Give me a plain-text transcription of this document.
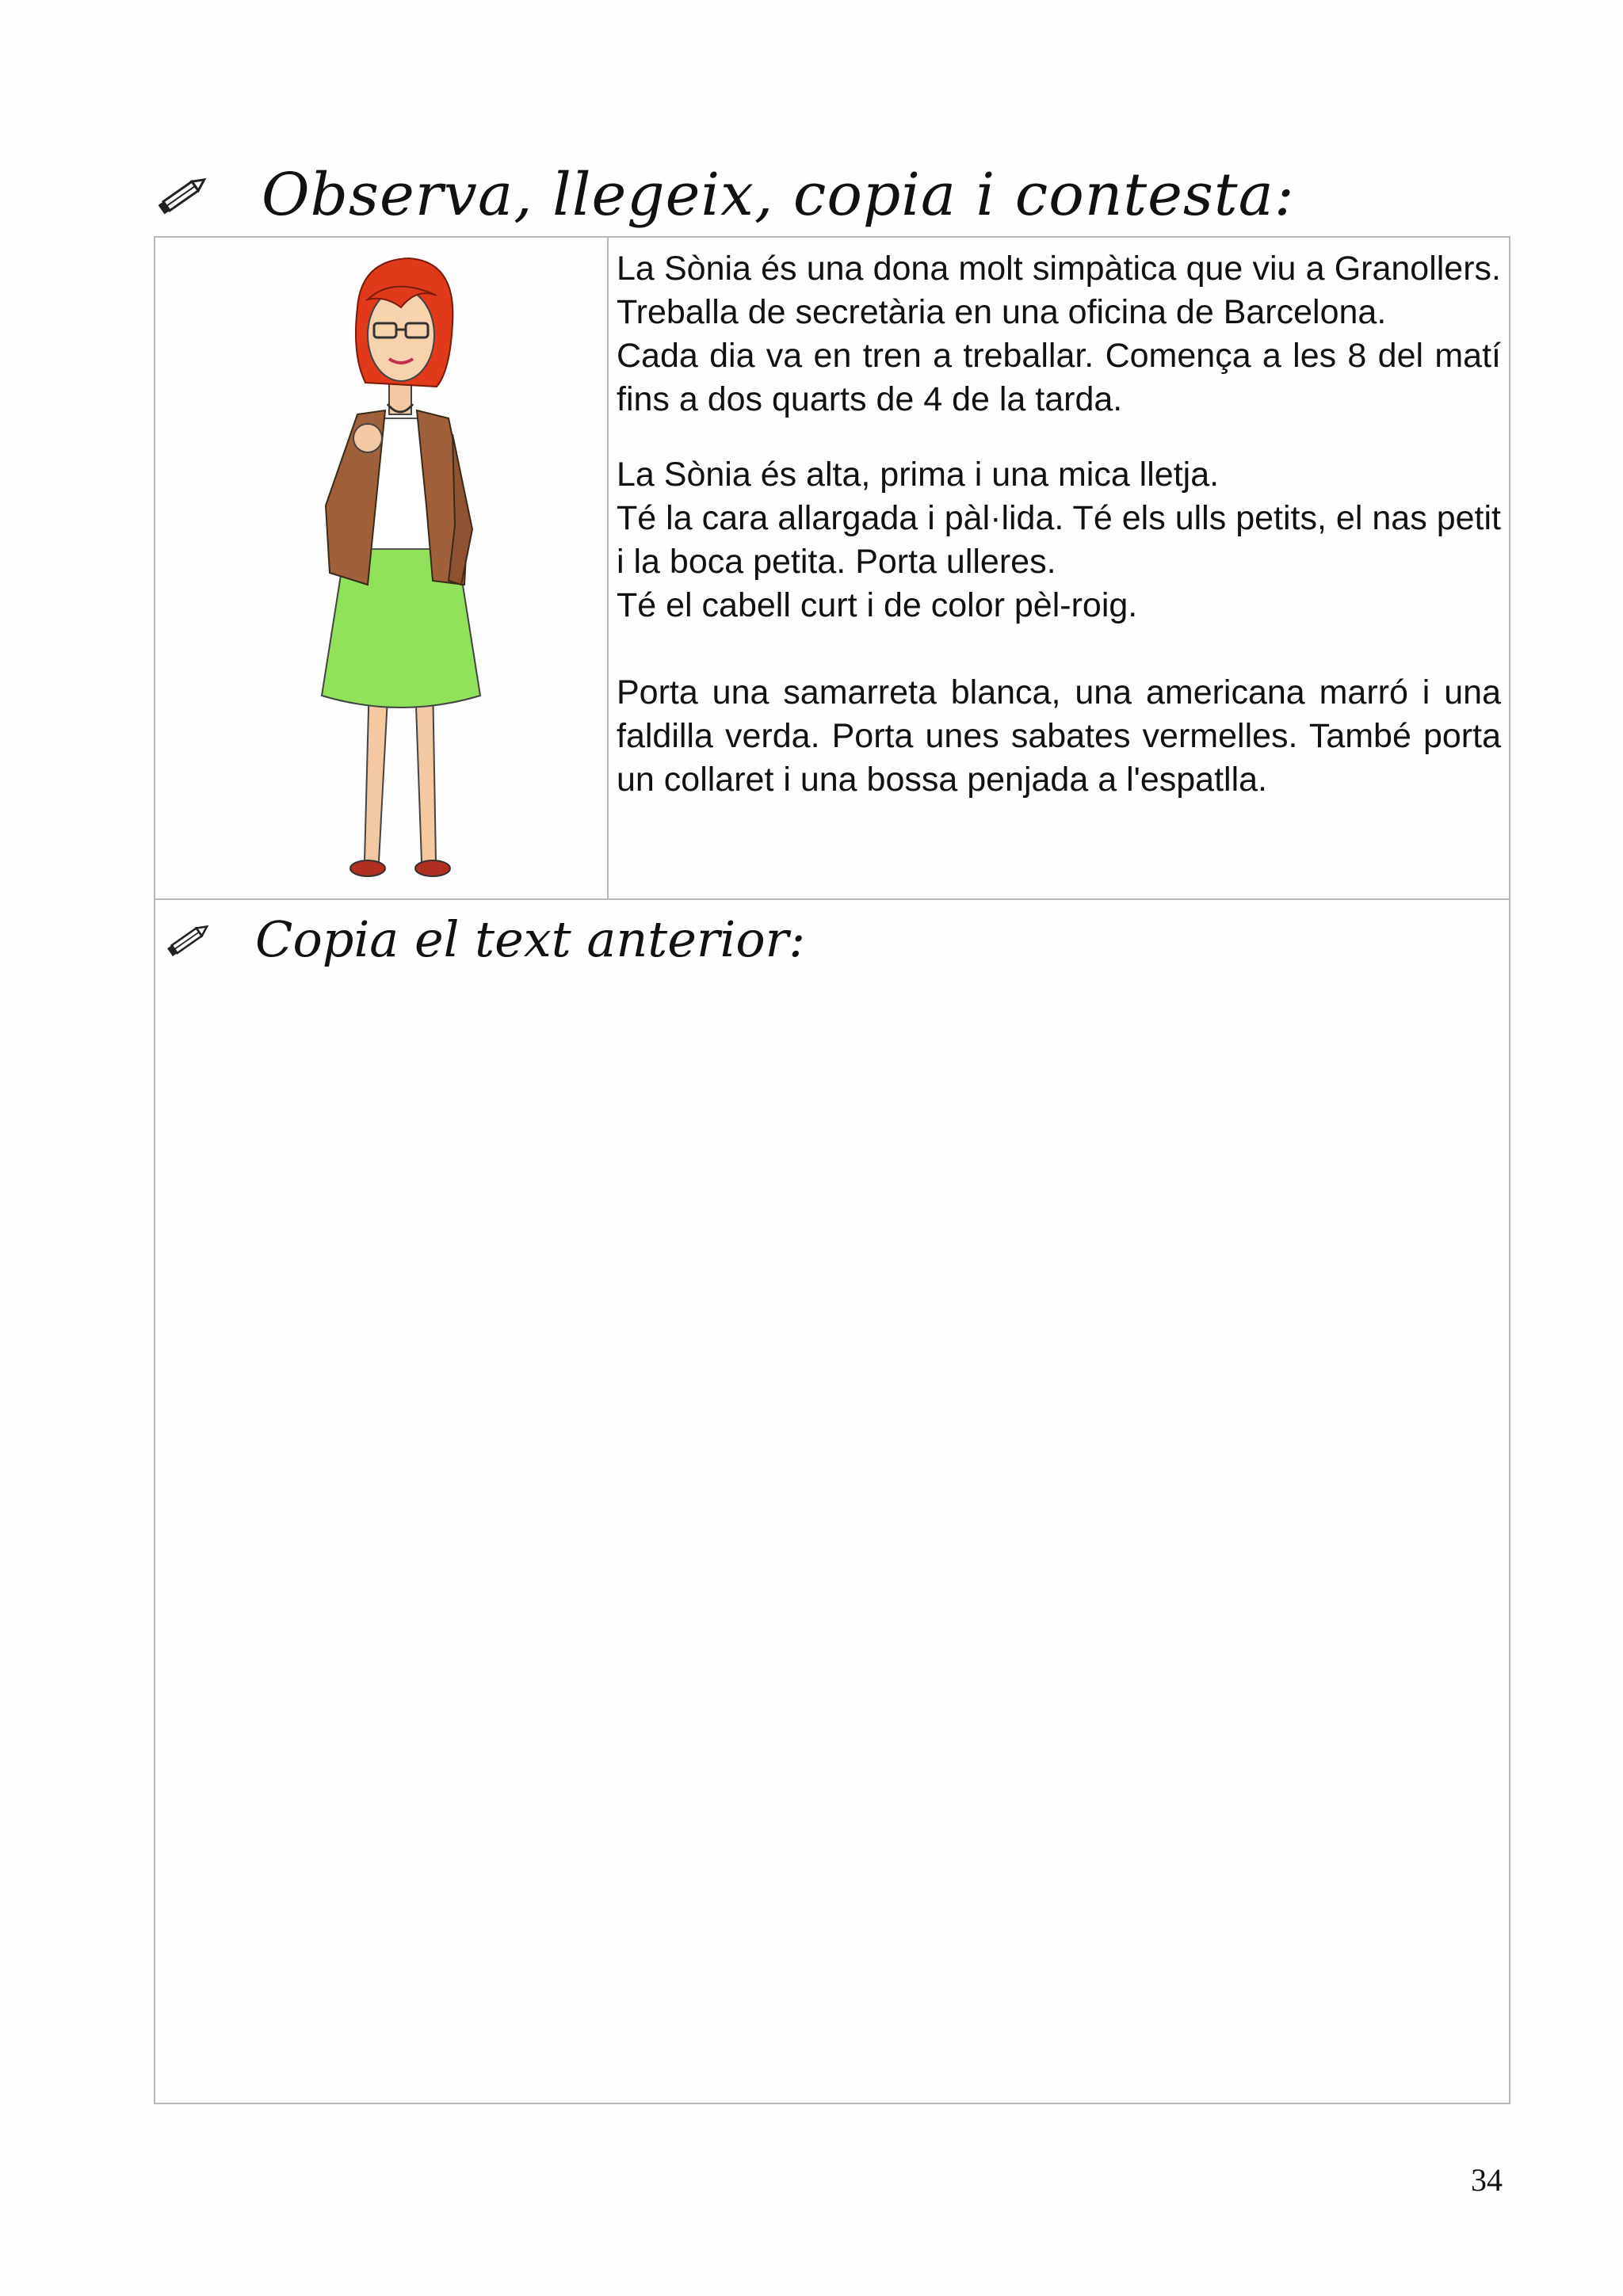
Observa, llegeix, copia i contesta:

La Sònia és una dona molt simpàtica que viu a Granollers. Treballa de secretària en una oficina de Barcelona.

Cada dia va en tren a treballar. Comença a les 8 del matí fins a dos quarts de 4 de la tarda.

La Sònia és alta, prima i una mica lletja.

Té la cara allargada i pàl·lida. Té els ulls petits, el nas petit i la boca petita. Porta ulleres.

Té el cabell curt i de color pèl-roig.

Porta una samarreta blanca, una americana marró i una faldilla verda. Porta unes sabates vermelles. També porta un collaret i una bossa penjada a l'espatlla.

Copia el text anterior:
34
